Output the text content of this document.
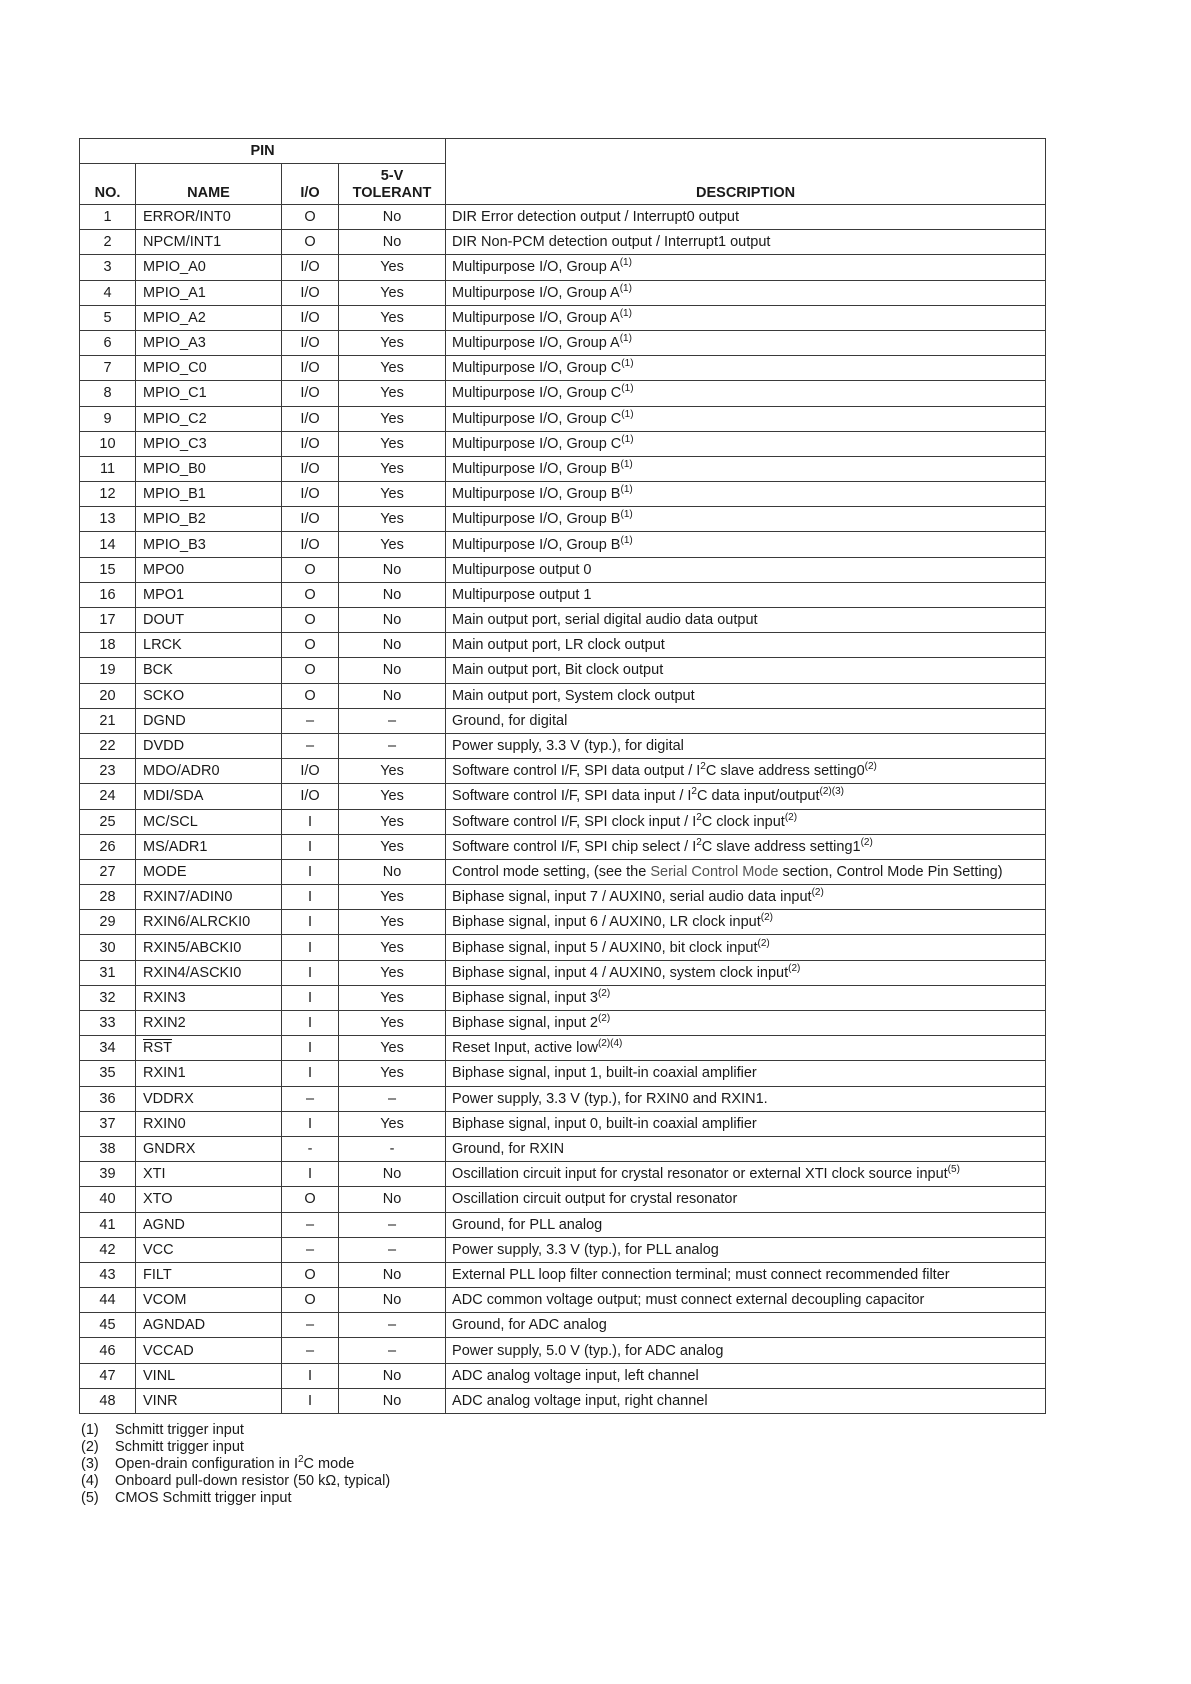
PIN				DESCRIPTION
NO.	NAME	I/O	5-V
TOLERANT	
1	ERROR/INT0	O	No	DIR Error detection output / Interrupt0 output
2	NPCM/INT1	O	No	DIR Non-PCM detection output / Interrupt1 output
3	MPIO_A0	I/O	Yes	Multipurpose I/O, Group $A^{(1)}$
4	MPIO_A1	I/O	Yes	Multipurpose I/O, Group $A^{(1)}$
5	MPIO_A2	I/O	Yes	Multipurpose I/O, Group $A^{(1)}$
6	MPIO_A3	I/O	Yes	Multipurpose I/O, Group $A^{(1)}$
7	MPIO_C0	I/O	Yes	Multipurpose I/O, Group $C^{(1)}$
8	MPIO_C1	I/O	Yes	Multipurpose I/O, Group $C^{(1)}$
9	MPIO_C2	I/O	Yes	Multipurpose I/O, Group $C^{(1)}$
10	MPIO_C3	I/O	Yes	Multipurpose I/O, Group $C^{(1)}$
11	MPIO_B0	I/O	Yes	Multipurpose I/O, Group $B^{(1)}$
12	MPIO_B1	I/O	Yes	Multipurpose I/O, Group $B^{(1)}$
13	MPIO_B2	I/O	Yes	Multipurpose I/O, Group $B^{(1)}$
14	MPIO_B3	I/O	Yes	Multipurpose I/O, Group $B^{(1)}$
15	MPO0	O	No	Multipurpose output 0
16	MPO1	O	No	Multipurpose output 1
17	DOUT	O	No	Main output port, serial digital audio data output
18	LRCK	O	No	Main output port, LR clock output
19	BCK	O	No	Main output port, Bit clock output
20	SCKO	O	No	Main output port, System clock output
21	DGND	–	–	Ground, for digital
22	DVDD	–	–	Power supply, 3.3 V (typ.), for digital
23	MDO/ADR0	I/O	Yes	Software control I/F, SPI data output / $I^2C$ slave address setting0$^{(2)}$
24	MDI/SDA	I/O	Yes	Software control I/F, SPI data input / $I^2C$ data input/output$^{(2)(3)}$
25	MC/SCL	I	Yes	Software control I/F, SPI clock input / $I^2C$ clock input$^{(2)}$
26	MS/ADR1	I	Yes	Software control I/F, SPI chip select / $I^2C$ slave address setting1$^{(2)}$
27	MODE	I	No	Control mode setting, (see the Serial Control Mode section, Control Mode Pin Setting)
28	RXIN7/ADIN0	I	Yes	Biphase signal, input 7 / AUXIN0, serial audio data input$^{(2)}$
29	RXIN6/ALRCKI0	I	Yes	Biphase signal, input 6 / AUXIN0, LR clock input$^{(2)}$
30	RXIN5/ABCKI0	I	Yes	Biphase signal, input 5 / AUXIN0, bit clock input$^{(2)}$
31	RXIN4/ASCKI0	I	Yes	Biphase signal, input 4 / AUXIN0, system clock input$^{(2)}$
32	RXIN3	I	Yes	Biphase signal, input 3$^{(2)}$
33	RXIN2	I	Yes	Biphase signal, input 2$^{(2)}$
34	$\overline{RST}$	I	Yes	Reset Input, active low$^{(2)(4)}$
35	RXIN1	I	Yes	Biphase signal, input 1, built-in coaxial amplifier
36	VDDRX	–	–	Power supply, 3.3 V (typ.), for RXIN0 and RXIN1.
37	RXIN0	I	Yes	Biphase signal, input 0, built-in coaxial amplifier
38	GNDRX	-	-	Ground, for RXIN
39	XTI	I	No	Oscillation circuit input for crystal resonator or external XTI clock source input$^{(5)}$
40	XTO	O	No	Oscillation circuit output for crystal resonator
41	AGND	–	–	Ground, for PLL analog
42	VCC	–	–	Power supply, 3.3 V (typ.), for PLL analog
43	FILT	O	No	External PLL loop filter connection terminal; must connect recommended filter
44	VCOM	O	No	ADC common voltage output; must connect external decoupling capacitor
45	AGNDAD	–	–	Ground, for ADC analog
46	VCCAD	–	–	Power supply, 5.0 V (typ.), for ADC analog
47	VINL	I	No	ADC analog voltage input, left channel
48	VINR	I	No	ADC analog voltage input, right channel
(1)	Schmitt trigger input
(2)	Schmitt trigger input
(3)	Open-drain configuration in $I^2C$ mode
(4)	Onboard pull-down resistor (50 kΩ, typical)
(5)	CMOS Schmitt trigger input
